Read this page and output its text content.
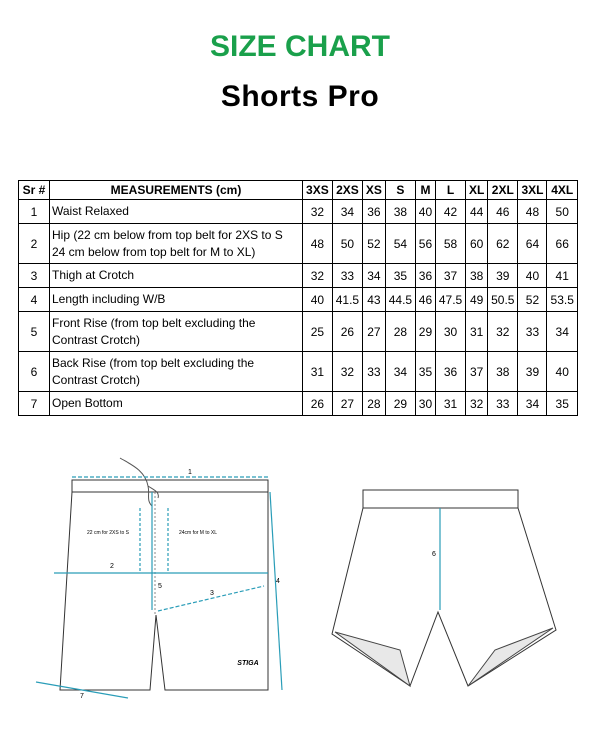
SIZE CHART
Shorts Pro
Sr #	MEASUREMENTS (cm)	3XS	2XS	XS	S	M	L	XL	2XL	3XL	4XL
1	Waist Relaxed	32	34	36	38	40	42	44	46	48	50
2	Hip (22 cm below from top belt for 2XS to S
24 cm below from top belt for M to XL)	48	50	52	54	56	58	60	62	64	66
3	Thigh at Crotch	32	33	34	35	36	37	38	39	40	41
4	Length including W/B	40	41.5	43	44.5	46	47.5	49	50.5	52	53.5
5	Front Rise (from top belt excluding the
Contrast Crotch)	25	26	27	28	29	30	31	32	33	34
6	Back Rise (from top belt excluding the
Contrast Crotch)	31	32	33	34	35	36	37	38	39	40
7	Open Bottom	26	27	28	29	30	31	32	33	34	35
1
2
3
4
5
7
22 cm for 2XS to S	24cm for M to XL
STIGA
6
